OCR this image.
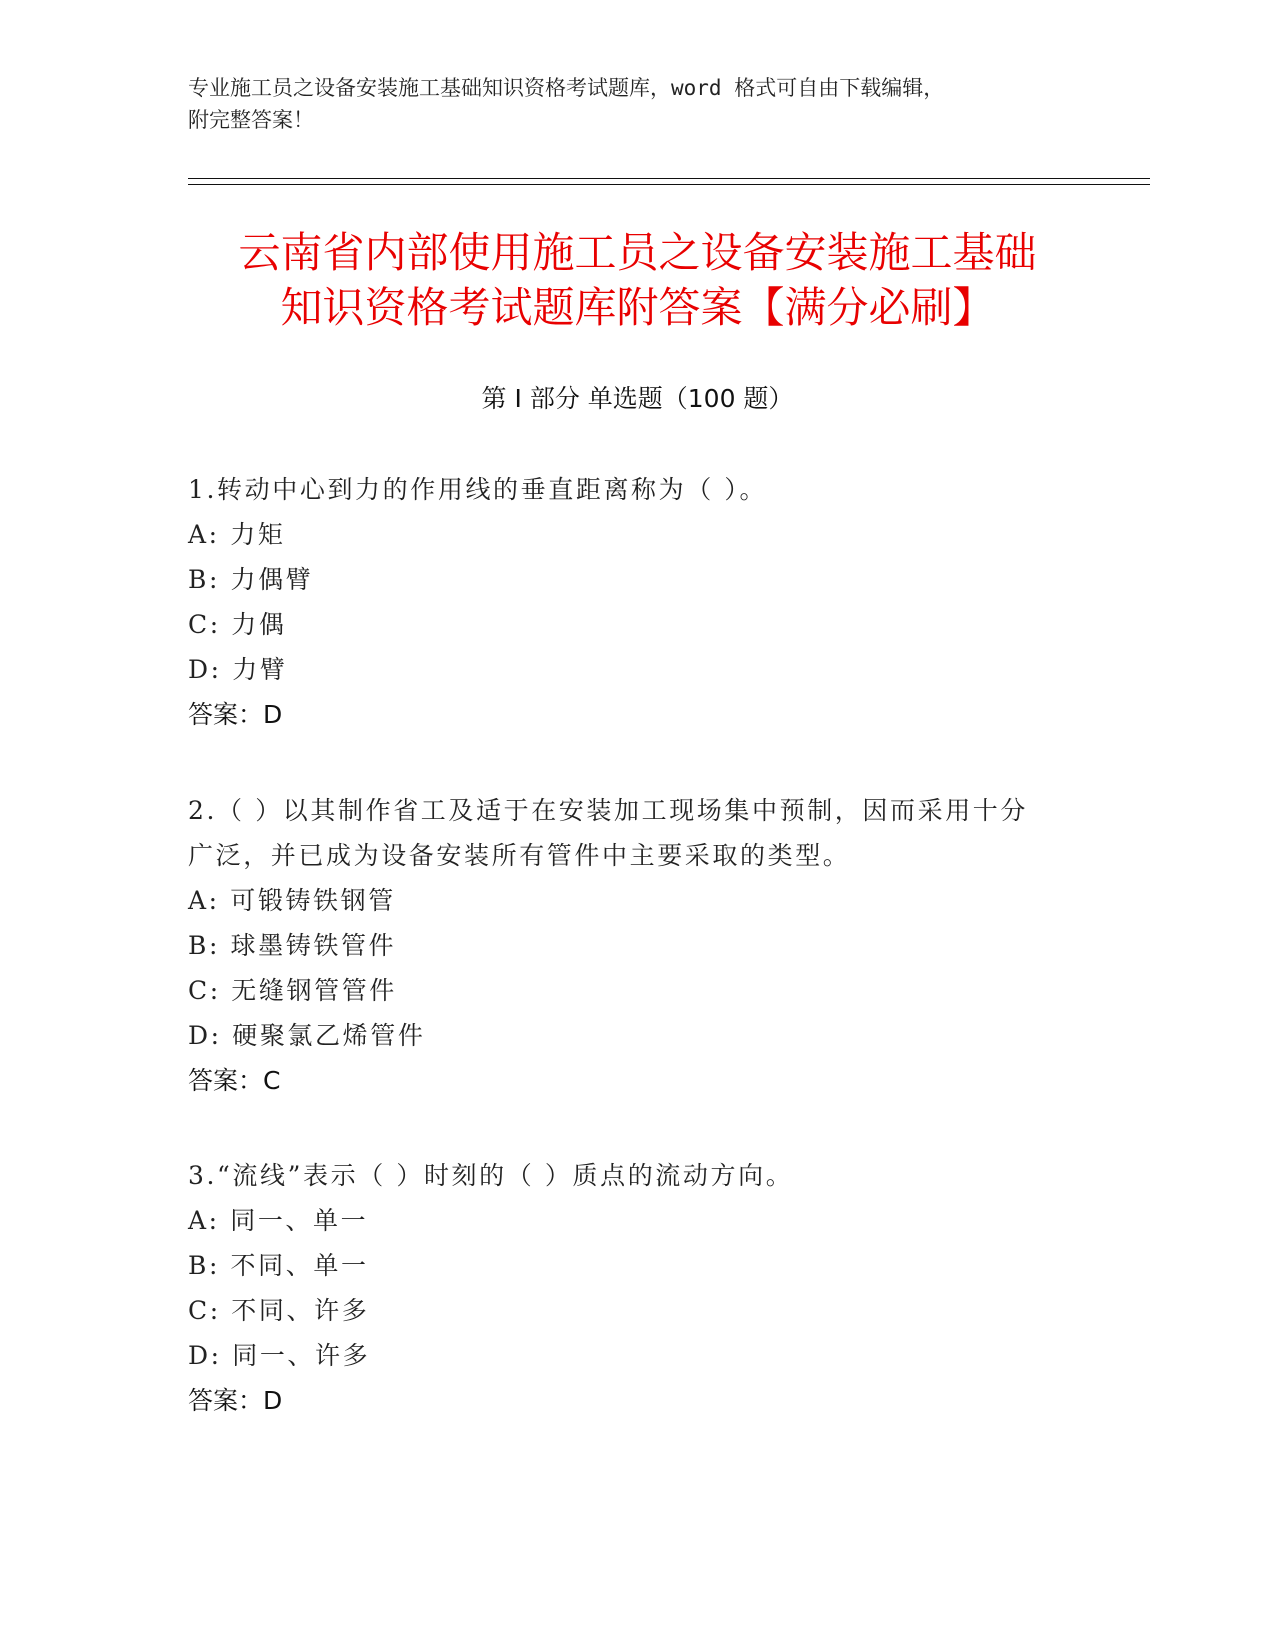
专业施工员之设备安装施工基础知识资格考试题库，word 格式可自由下载编辑，
附完整答案！
云南省内部使用施工员之设备安装施工基础
知识资格考试题库附答案【满分必刷】
第 I 部分 单选题（100 题）
1.转动中心到力的作用线的垂直距离称为（ ）。
A: 力矩
B: 力偶臂
C: 力偶
D: 力臂
答案：D
2.（ ）以其制作省工及适于在安装加工现场集中预制，因而采用十分
广泛，并已成为设备安装所有管件中主要采取的类型。
A: 可锻铸铁钢管
B: 球墨铸铁管件
C: 无缝钢管管件
D: 硬聚氯乙烯管件
答案：C
3.“流线”表示（ ）时刻的（ ）质点的流动方向。
A: 同一、单一
B: 不同、单一
C: 不同、许多
D: 同一、许多
答案：D
